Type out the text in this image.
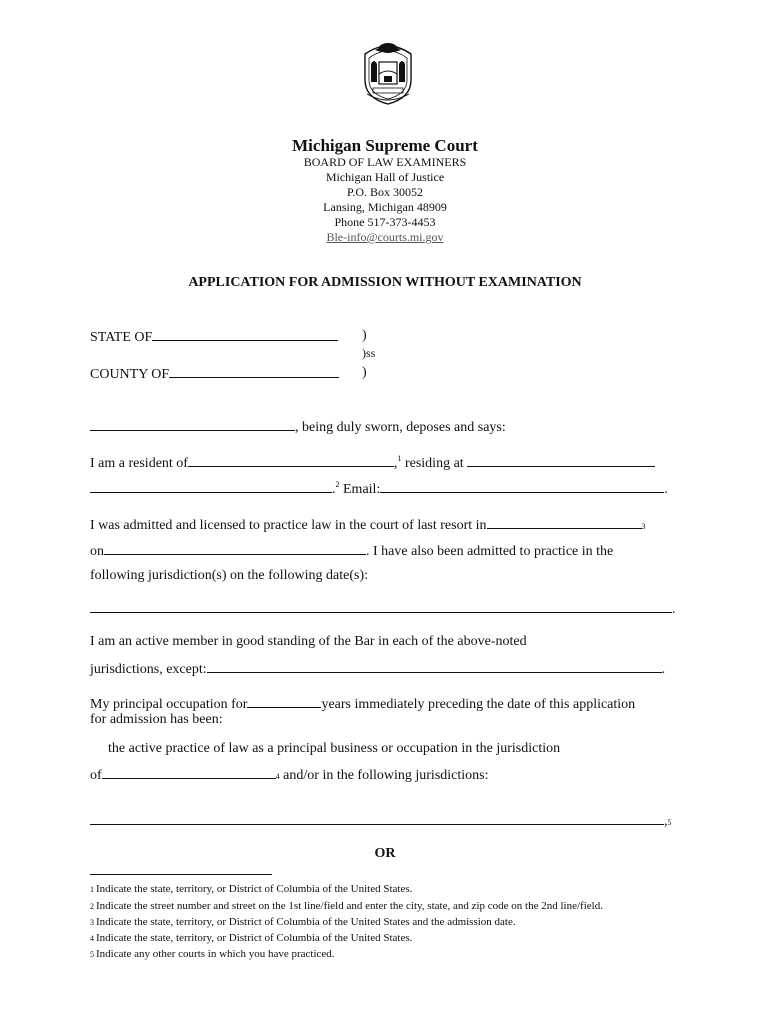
Michigan Supreme Court
BOARD OF LAW EXAMINERS
Michigan Hall of Justice
P.O. Box 30052
Lansing, Michigan 48909
Phone 517-373-4453
Ble-info@courts.mi.gov
APPLICATION FOR ADMISSION WITHOUT EXAMINATION
STATE OF	)
)ss
COUNTY OF	)
, being duly sworn, deposes and says:
I am a resident of	,$^1$ residing at
.$^2$ Email:	.
I was admitted and licensed to practice law in the court of last resort in	3
on	. I have also been admitted to practice in the
following jurisdiction(s) on the following date(s):
.
I am an active member in good standing of the Bar in each of the above-noted
jurisdictions, except:	.
My principal occupation for	years immediately preceding the date of this application
for admission has been:
the active practice of law as a principal business or occupation in the jurisdiction
of	4 and/or in the following jurisdictions:
,5
OR
1 Indicate the state, territory, or District of Columbia of the United States.
2 Indicate the street number and street on the 1st line/field and enter the city, state, and zip code on the 2nd line/field.
3 Indicate the state, territory, or District of Columbia of the United States and the admission date.
4 Indicate the state, territory, or District of Columbia of the United States.
5 Indicate any other courts in which you have practiced.
